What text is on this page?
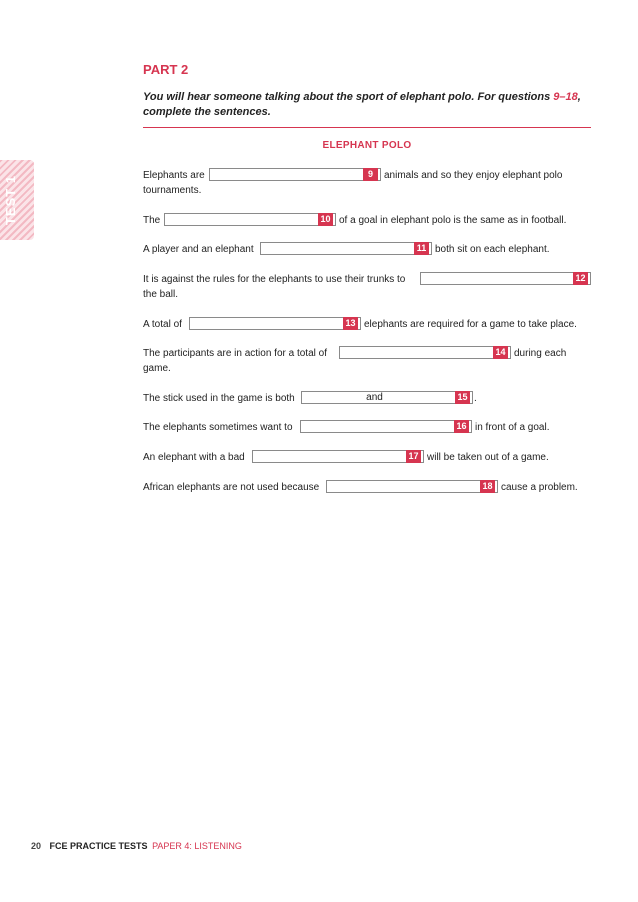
TEST 1
PART 2
You will hear someone talking about the sport of elephant polo. For questions 9–18, complete the sentences.
ELEPHANT POLO
Elephants are	9	animals and so they enjoy elephant polo
tournaments.
The	10 of a goal in elephant polo is the same as in football.
A player and an elephant	11 both sit on each elephant.
It is against the rules for the elephants to use their trunks to	12
the ball.
A total of	13 elephants are required for a game to take place.
The participants are in action for a total of	14 during each
game.
The stick used in the game is both	and	15 .
The elephants sometimes want to	16 in front of a goal.
An elephant with a bad	17 will be taken out of a game.
African elephants are not used because	18 cause a problem.
20 FCE PRACTICE TESTS PAPER 4: LISTENING
